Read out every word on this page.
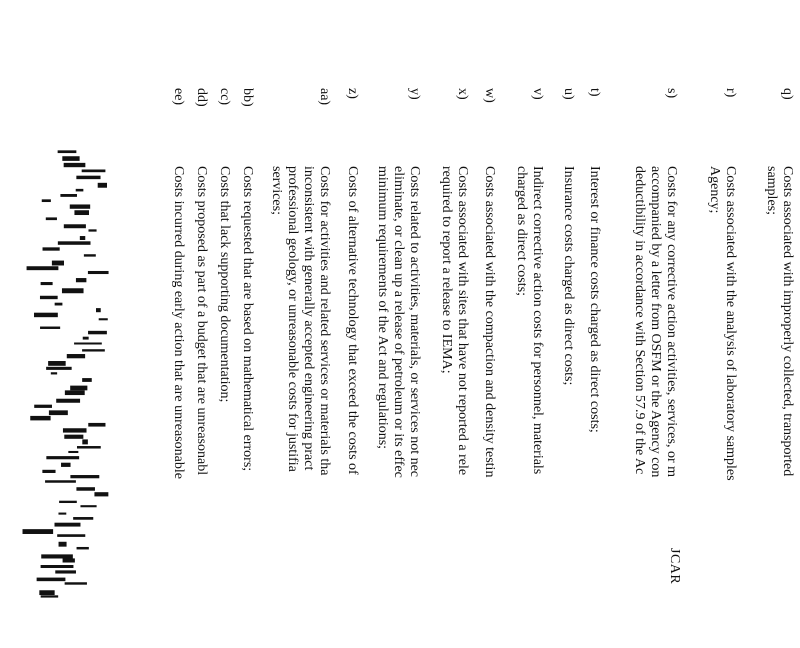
JCAR
q)
Costs associated with improperly collected, transported
samples;
r)
Costs associated with the analysis of laboratory samples
Agency;
s)
Costs for any corrective action activities, services, or m
accompanied by a letter from OSFM or the Agency con
deductibility in accordance with Section 57.9 of the Ac
t)
Interest or finance costs charged as direct costs;
u)
Insurance costs charged as direct costs;
v)
Indirect corrective action costs for personnel, materials
charged as direct costs;
w)
Costs associated with the compaction and density testin
x)
Costs associated with sites that have not reported a rele
required to report a release to IEMA;
y)
Costs related to activities, materials, or services not nec
eliminate, or clean up a release of petroleum or its effec
minimum requirements of the Act and regulations;
z)
Costs of alternative technology that exceed the costs of
aa)
Costs for activities and related services or materials tha
inconsistent with generally accepted engineering pract
professional geology, or unreasonable costs for justifia
services;
bb)
Costs requested that are based on mathematical errors;
cc)
Costs that lack supporting documentation;
dd)
Costs proposed as part of a budget that are unreasonabl
ee)
Costs incurred during early action that are unreasonable
